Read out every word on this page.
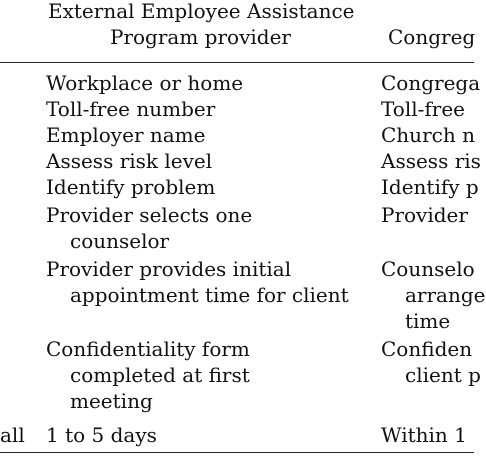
External Employee Assistance
Program provider	Congreg
Workplace or home
Toll-free number
Employer name
Assess risk level
Identify problem
Provider selects one
counselor
Provider provides initial
appointment time for client
Confidentiality form
completed at first
meeting
1 to 5 days
Congrega
Toll-free
Church n
Assess ris
Identify p
Provider
Counselo
arrange
time
Confiden
client p
Within 1
all
